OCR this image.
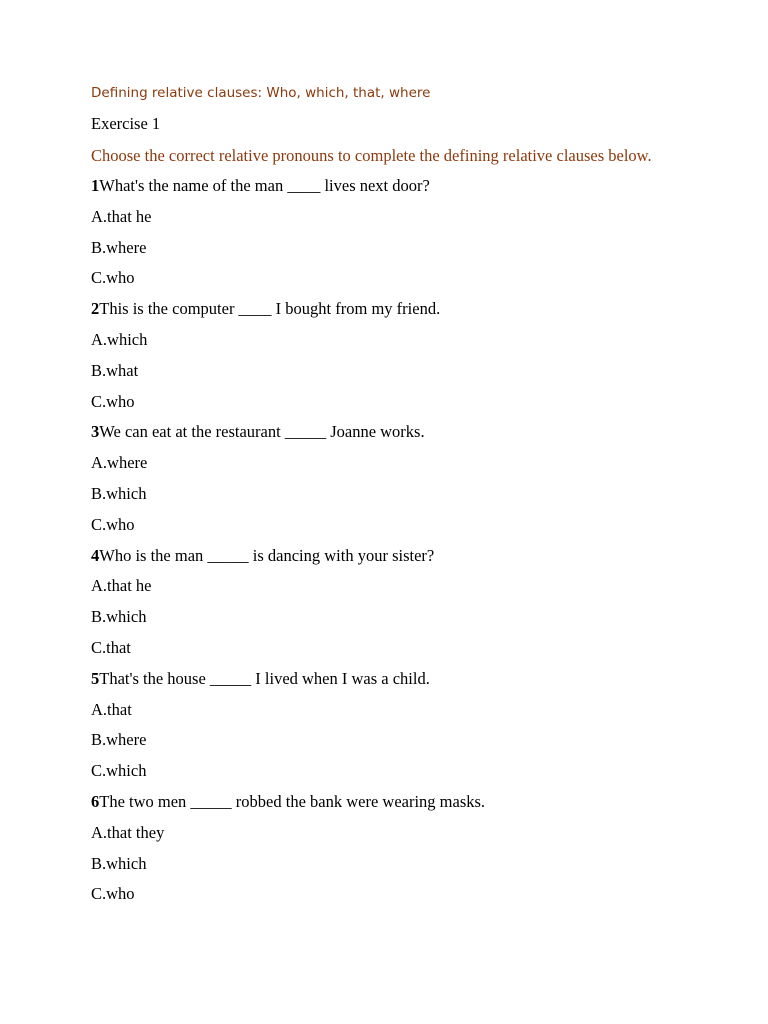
Defining relative clauses: Who, which, that, where
Exercise 1
Choose the correct relative pronouns to complete the defining relative clauses below.
1What's the name of the man ____ lives next door?
A.that he
B.where
C.who
2This is the computer ____ I bought from my friend.
A.which
B.what
C.who
3We can eat at the restaurant _____ Joanne works.
A.where
B.which
C.who
4Who is the man _____ is dancing with your sister?
A.that he
B.which
C.that
5That's the house _____ I lived when I was a child.
A.that
B.where
C.which
6The two men _____ robbed the bank were wearing masks.
A.that they
B.which
C.who
